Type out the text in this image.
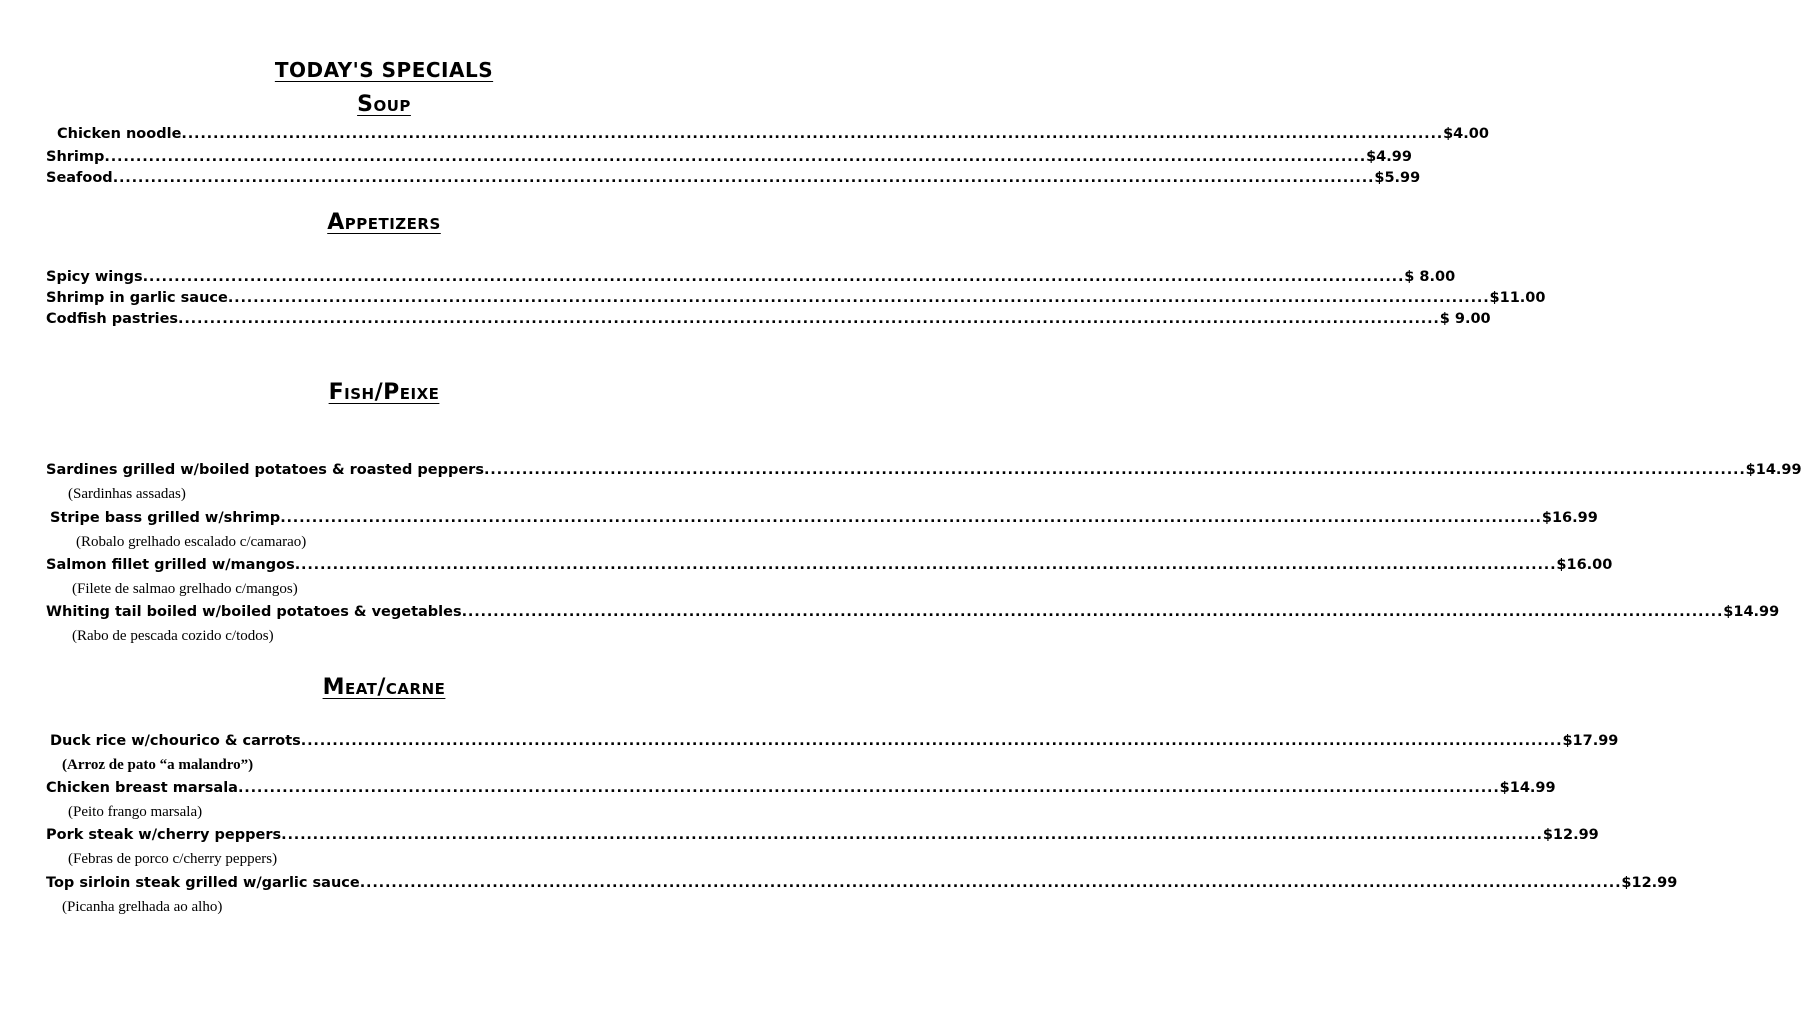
TODAY'S SPECIALS
Soup
Chicken noodle ........................................................................................................................................................................................................ $4.00
Shrimp ........................................................................................................................................................................................................ $4.99
Seafood ........................................................................................................................................................................................................ $5.99
Appetizers
Spicy wings ........................................................................................................................................................................................................ $ 8.00
Shrimp in garlic sauce ........................................................................................................................................................................................................ $11.00
Codfish pastries ........................................................................................................................................................................................................ $ 9.00
Fish/Peixe
Sardines grilled w/boiled potatoes & roasted peppers ........................................................................................................................................................................................................ $14.99
(Sardinhas assadas)
Stripe bass grilled w/shrimp ........................................................................................................................................................................................................ $16.99
(Robalo grelhado escalado c/camarao)
Salmon fillet grilled w/mangos ........................................................................................................................................................................................................ $16.00
(Filete de salmao grelhado c/mangos)
Whiting tail boiled w/boiled potatoes & vegetables ........................................................................................................................................................................................................ $14.99
(Rabo de pescada cozido c/todos)
Meat/carne
Duck rice w/chourico & carrots ........................................................................................................................................................................................................ $17.99
(Arroz de pato “a malandro”)
Chicken breast marsala ........................................................................................................................................................................................................ $14.99
(Peito frango marsala)
Pork steak w/cherry peppers ........................................................................................................................................................................................................ $12.99
(Febras de porco c/cherry peppers)
Top sirloin steak grilled w/garlic sauce ........................................................................................................................................................................................................ $12.99
(Picanha grelhada ao alho)
